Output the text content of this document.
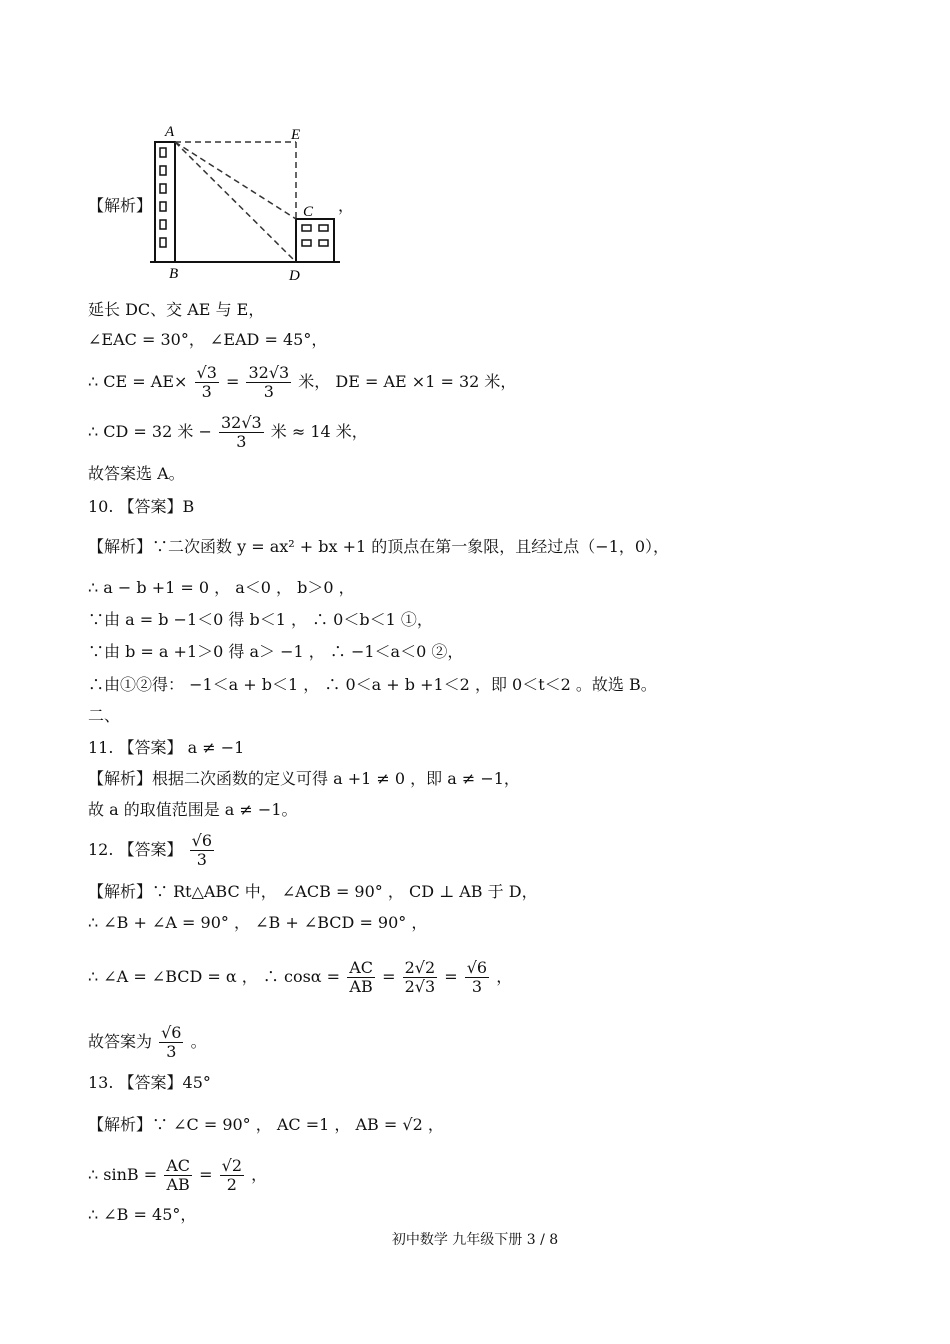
A	E
C
B	D
【解析】	，
延长 DC、交 AE 与 E，
∠EAC = 30°， ∠EAD = 45°，
∴ CE = $AE\times \frac{√3}{3} = \frac{32√3}{3}$ 米， DE = AE ×1 = 32 米，
∴ CD = 32 米 − $\frac{32√3}{3}$ 米 ≈ 14 米，
故答案选 A。
10. 【答案】B
【解析】∵二次函数 y = ax² + bx +1 的顶点在第一象限，且经过点（−1，0），
∴ a − b +1 = 0 ， a＜0 ， b＞0 ，
∵由 a = b −1＜0 得 b＜1 ， ∴ 0＜b＜1 ①，
∵由 b = a +1＞0 得 a＞ −1 ， ∴ −1＜a＜0 ②，
∴由①②得： −1＜a + b＜1 ， ∴ 0＜a + b +1＜2 ，即 0＜t＜2 。故选 B。
二、
11. 【答案】 a ≠ −1
【解析】根据二次函数的定义可得 a +1 ≠ 0 ，即 a ≠ −1，
故 a 的取值范围是 a ≠ −1。
12. 【答案】 $\frac{√6}{3}$
【解析】∵ Rt△ABC 中， ∠ACB = 90° ， CD ⊥ AB 于 D，
∴ ∠B + ∠A = 90° ， ∠B + ∠BCD = 90° ，
∴ ∠A = ∠BCD = α ， ∴ $\cos\alpha = \frac{AC}{AB} = \frac{2√2}{2√3} = \frac{√6}{3}$ ，
故答案为 $\frac{√6}{3}$ 。
13. 【答案】45°
【解析】∵ ∠C = 90° ， AC =1 ， AB = √2 ，
∴ $\sin B = \frac{AC}{AB} = \frac{√2}{2}$ ，
∴ ∠B = 45°，
初中数学 九年级下册 3 / 8
